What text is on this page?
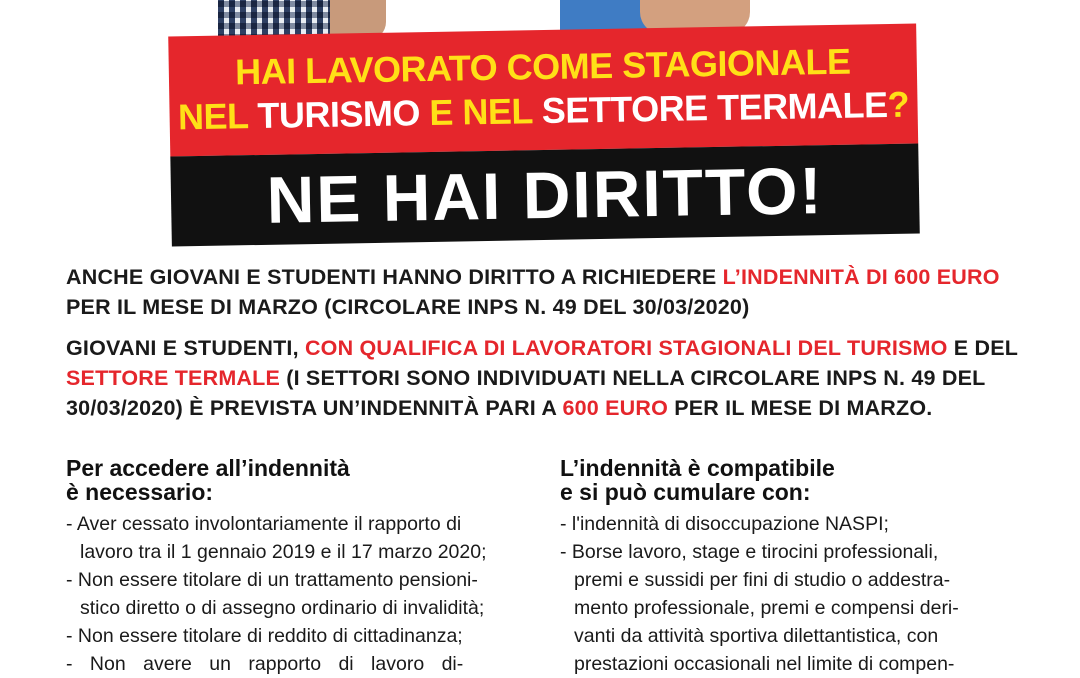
HAI LAVORATO COME STAGIONALE
NEL TURISMO E NEL SETTORE TERMALE?
NE HAI DIRITTO!
ANCHE GIOVANI E STUDENTI HANNO DIRITTO A RICHIEDERE L’INDENNITÀ DI 600 EURO PER IL MESE DI MARZO (CIRCOLARE INPS N. 49 DEL 30/03/2020)
GIOVANI E STUDENTI, CON QUALIFICA DI LAVORATORI STAGIONALI DEL TURISMO E DEL SETTORE TERMALE (I SETTORI SONO INDIVIDUATI NELLA CIRCOLARE INPS N. 49 DEL 30/03/2020) È PREVISTA UN’INDENNITÀ PARI A 600 EURO PER IL MESE DI MARZO.
Per accedere all’indennità
è necessario:
- Aver cessato involontariamente il rapporto di
lavoro tra il 1 gennaio 2019 e il 17 marzo 2020;
- Non essere titolare di un trattamento pensioni-
stico diretto o di assegno ordinario di invalidità;
- Non essere titolare di reddito di cittadinanza;
- Non avere un rapporto di lavoro di-
L’indennità è compatibile
e si può cumulare con:
- l'indennità di disoccupazione NASPI;
- Borse lavoro, stage e tirocini professionali,
premi e sussidi per fini di studio o addestra-
mento professionale, premi e compensi deri-
vanti da attività sportiva dilettantistica, con
prestazioni occasionali nel limite di compen-
